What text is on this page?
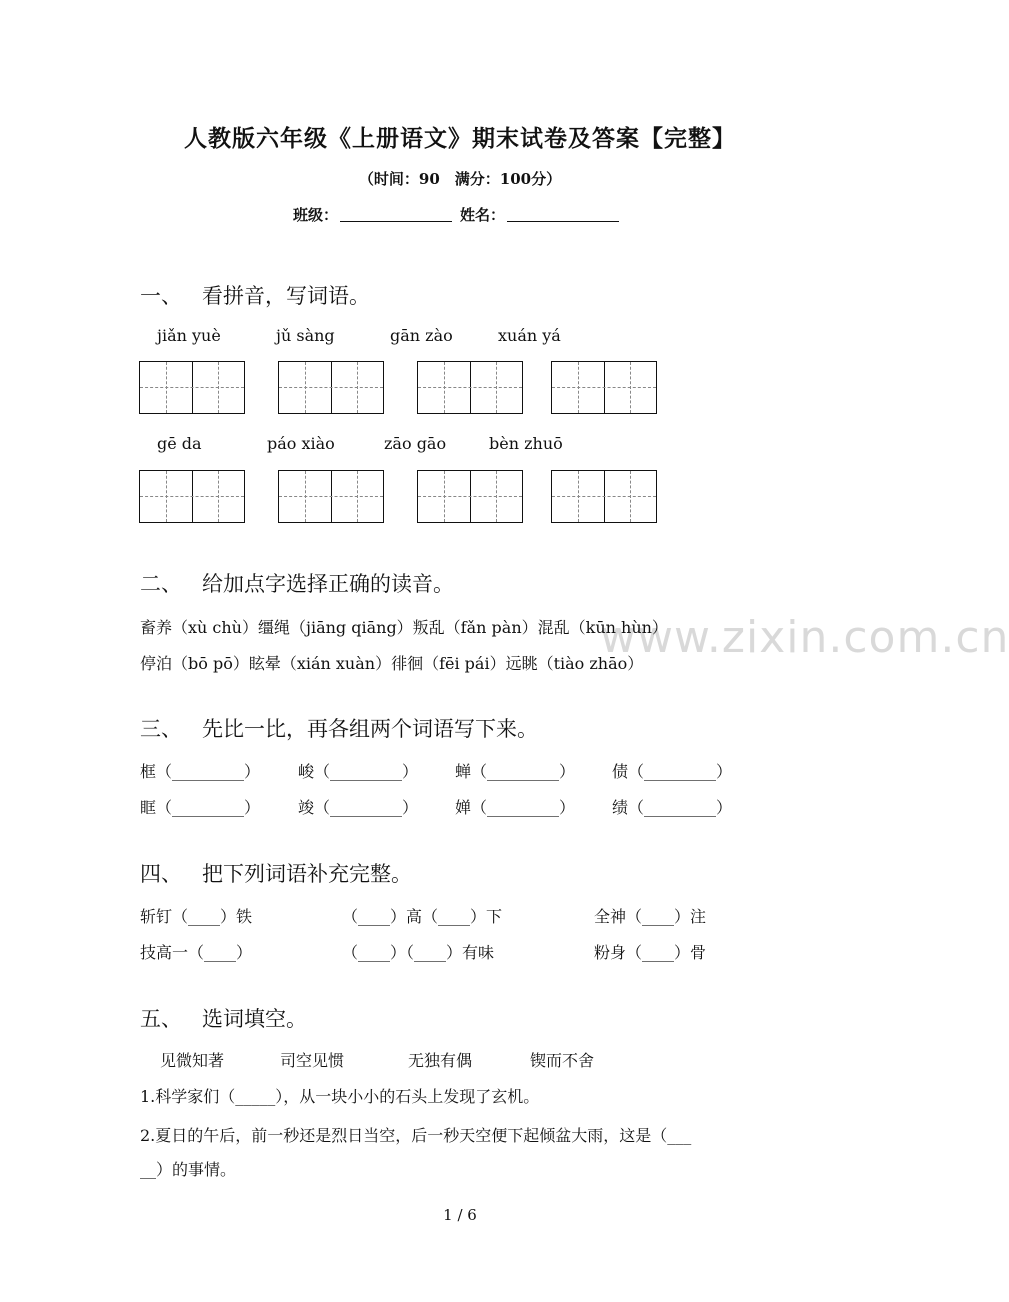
人教版六年级《上册语文》期末试卷及答案【完整】
（时间：90　满分：100分）
班级：	姓名：
www.zixin.com.cn
一、 看拼音，写词语。
jiǎn yuè	jǔ sàng	gān zào	xuán yá
gē da	páo xiào	zāo gāo	bèn zhuō
二、 给加点字选择正确的读音。
畜养（xù chù）缰绳（jiāng qiāng）叛乱（fǎn pàn）混乱（kūn hùn）
停泊（bō pō）眩晕（xián xuàn）徘徊（fēi pái）远眺（tiào zhāo）
三、 先比一比，再各组两个词语写下来。
框（_________） 峻（_________） 蝉（_________） 债（_________）
眶（_________） 竣（_________） 婵（_________） 绩（_________）
四、 把下列词语补充完整。
斩钉（____）铁	（____）高（____）下	全神（____）注
技高一（____）	（____）（____）有味	粉身（____）骨
五、 选词填空。
见微知著	司空见惯	无独有偶	锲而不舍
1.科学家们（_____），从一块小小的石头上发现了玄机。
2.夏日的午后，前一秒还是烈日当空，后一秒天空便下起倾盆大雨，这是（___
__）的事情。
1 / 6
